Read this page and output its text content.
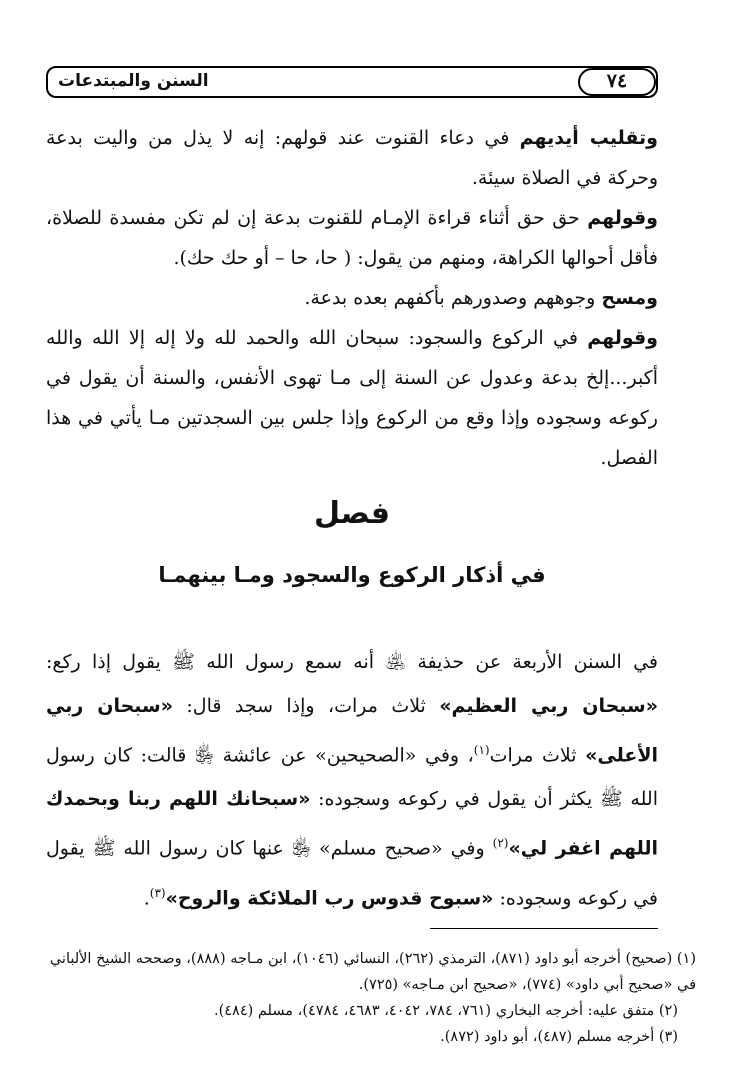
السنن والمبتدعات	٧٤

وتقليب أيديهم في دعاء القنوت عند قولهم: إنه لا يذل من واليت بدعة وحركة في الصلاة سيئة.

وقولهم حق حق أثناء قراءة الإمـام للقنوت بدعة إن لم تكن مفسدة للصلاة، فأقل أحوالها الكراهة، ومنهم من يقول: ( حا، حا – أو حك حك).

ومسح وجوههم وصدورهم بأكفهم بعده بدعة.

وقولهم في الركوع والسجود: سبحان الله والحمد لله ولا إله إلا الله والله أكبر...إلخ بدعة وعدول عن السنة إلى مـا تهوى الأنفس، والسنة أن يقول في ركوعه وسجوده وإذا وقع من الركوع وإذا جلس بين السجدتين مـا يأتي في هذا الفصل.

فصل
في أذكار الركوع والسجود ومـا بينهمـا
في السنن الأربعة عن حذيفة ﵁ أنه سمع رسول الله ﷺ يقول إذا ركع: «سبحان ربي العظيم» ثلاث مرات، وإذا سجد قال: «سبحان ربي الأعلى» ثلاث مرات$^{(١)}$، وفي «الصحيحين» عن عائشة ﵂ قالت: كان رسول الله ﷺ يكثر أن يقول في ركوعه وسجوده: «سبحانك اللهم ربنا وبحمدك اللهم اغفر لي»$^{(٢)}$ وفي «صحيح مسلم» ﵂ عنها كان رسول الله ﷺ يقول في ركوعه وسجوده: «سبوح قدوس رب الملائكة والروح»$^{(٣)}$.

(١) (صحيح) أخرجه أبو داود (٨٧١)، الترمذي (٢٦٢)، النسائي (١٠٤٦)، ابن مـاجه (٨٨٨)، وصححه الشيخ الألباني في «صحيح أبي داود» (٧٧٤)، «صحيح ابن مـاجه» (٧٢٥).

(٢) متفق عليه: أخرجه البخاري (٧٦١، ٧٨٤، ٤٠٤٢، ٤٦٨٣، ٤٧٨٤)، مسلم (٤٨٤).

(٣) أخرجه مسلم (٤٨٧)، أبو داود (٨٧٢).
